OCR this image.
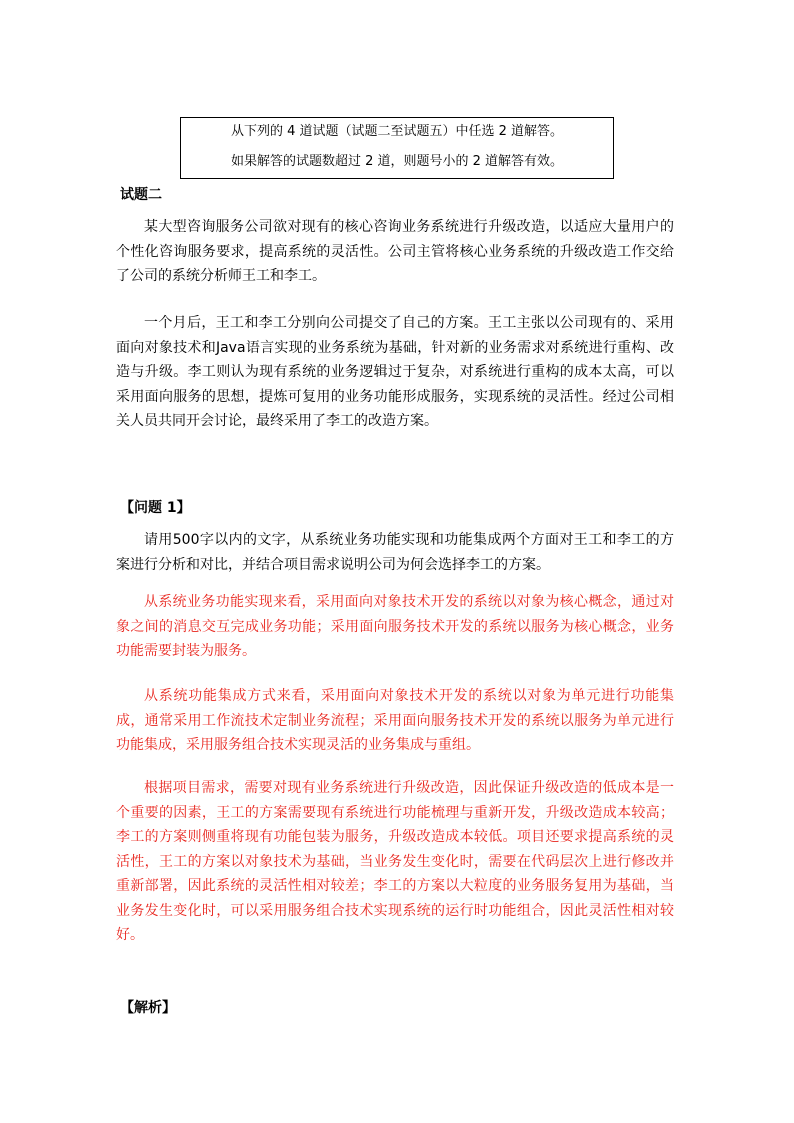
从下列的 4 道试题（试题二至试题五）中任选 2 道解答。
如果解答的试题数超过 2 道，则题号小的 2 道解答有效。
试题二

某大型咨询服务公司欲对现有的核心咨询业务系统进行升级改造，以适应大量用户的个性化咨询服务要求，提高系统的灵活性。公司主管将核心业务系统的升级改造工作交给了公司的系统分析师王工和李工。

一个月后，王工和李工分别向公司提交了自己的方案。王工主张以公司现有的、采用面向对象技术和Java语言实现的业务系统为基础，针对新的业务需求对系统进行重构、改造与升级。李工则认为现有系统的业务逻辑过于复杂，对系统进行重构的成本太高，可以采用面向服务的思想，提炼可复用的业务功能形成服务，实现系统的灵活性。经过公司相关人员共同开会讨论，最终采用了李工的改造方案。

【问题 1】

请用500字以内的文字，从系统业务功能实现和功能集成两个方面对王工和李工的方案进行分析和对比，并结合项目需求说明公司为何会选择李工的方案。

从系统业务功能实现来看，采用面向对象技术开发的系统以对象为核心概念，通过对象之间的消息交互完成业务功能；采用面向服务技术开发的系统以服务为核心概念，业务功能需要封装为服务。

从系统功能集成方式来看，采用面向对象技术开发的系统以对象为单元进行功能集成，通常采用工作流技术定制业务流程；采用面向服务技术开发的系统以服务为单元进行功能集成，采用服务组合技术实现灵活的业务集成与重组。

根据项目需求，需要对现有业务系统进行升级改造，因此保证升级改造的低成本是一个重要的因素，王工的方案需要现有系统进行功能梳理与重新开发，升级改造成本较高；李工的方案则侧重将现有功能包装为服务，升级改造成本较低。项目还要求提高系统的灵活性，王工的方案以对象技术为基础，当业务发生变化时，需要在代码层次上进行修改并重新部署，因此系统的灵活性相对较差；李工的方案以大粒度的业务服务复用为基础，当业务发生变化时，可以采用服务组合技术实现系统的运行时功能组合，因此灵活性相对较好。

【解析】
